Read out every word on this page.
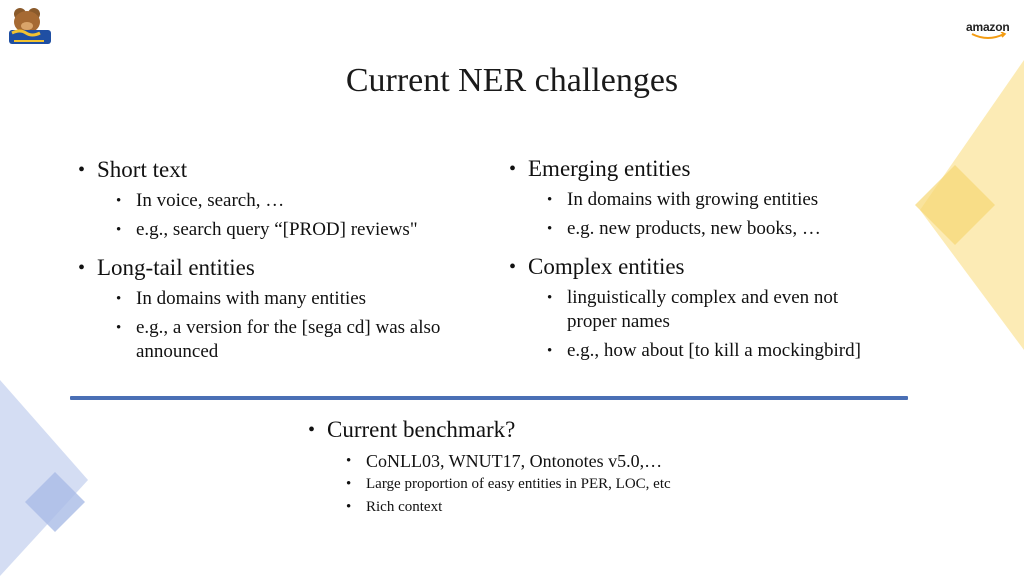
amazon
Current NER challenges
• Short text
• In voice, search, …
• e.g., search query “[PROD] reviews"
• Long-tail entities
• In domains with many entities
• e.g., a version for the [sega cd] was also announced
• Emerging entities
• In domains with growing entities
• e.g. new products, new books, …
• Complex entities
• linguistically complex and even not proper names
• e.g., how about [to kill a mockingbird]
• Current benchmark?
• CoNLL03, WNUT17, Ontonotes v5.0,…
• Large proportion of easy entities in PER, LOC, etc
• Rich context
